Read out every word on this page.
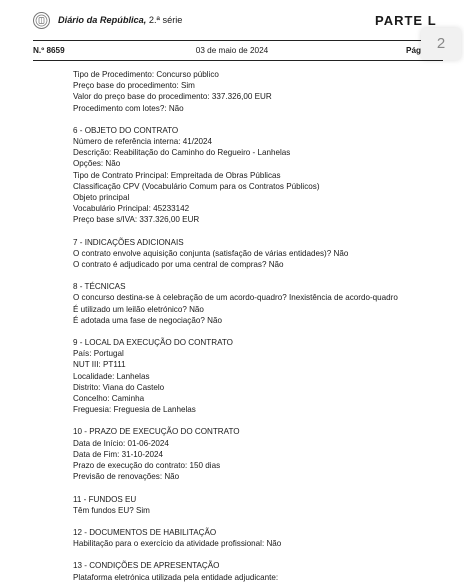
Diário da República, 2.ª série	PARTE L
N.º 8659	03 de maio de 2024	Pág	2
Tipo de Procedimento: Concurso público
Preço base do procedimento: Sim
Valor do preço base do procedimento: 337.326,00 EUR
Procedimento com lotes?: Não
6 - OBJETO DO CONTRATO
Número de referência interna: 41/2024
Descrição: Reabilitação do Caminho do Regueiro - Lanhelas
Opções: Não
Tipo de Contrato Principal: Empreitada de Obras Públicas
Classificação CPV (Vocabulário Comum para os Contratos Públicos)
Objeto principal
Vocabulário Principal: 45233142
Preço base s/IVA: 337.326,00 EUR
7 - INDICAÇÕES ADICIONAIS
O contrato envolve aquisição conjunta (satisfação de várias entidades)? Não
O contrato é adjudicado por uma central de compras? Não
8 - TÉCNICAS
O concurso destina-se à celebração de um acordo-quadro? Inexistência de acordo-quadro
É utilizado um leilão eletrónico? Não
É adotada uma fase de negociação? Não
9 - LOCAL DA EXECUÇÃO DO CONTRATO
País: Portugal
NUT III: PT111
Localidade: Lanhelas
Distrito: Viana do Castelo
Concelho: Caminha
Freguesia: Freguesia de Lanhelas
10 - PRAZO DE EXECUÇÃO DO CONTRATO
Data de Início: 01-06-2024
Data de Fim: 31-10-2024
Prazo de execução do contrato: 150 dias
Previsão de renovações: Não
11 - FUNDOS EU
Têm fundos EU? Sim
12 - DOCUMENTOS DE HABILITAÇÃO
Habilitação para o exercício da atividade profissional: Não
13 - CONDIÇÕES DE APRESENTAÇÃO
Plataforma eletrónica utilizada pela entidade adjudicante:
